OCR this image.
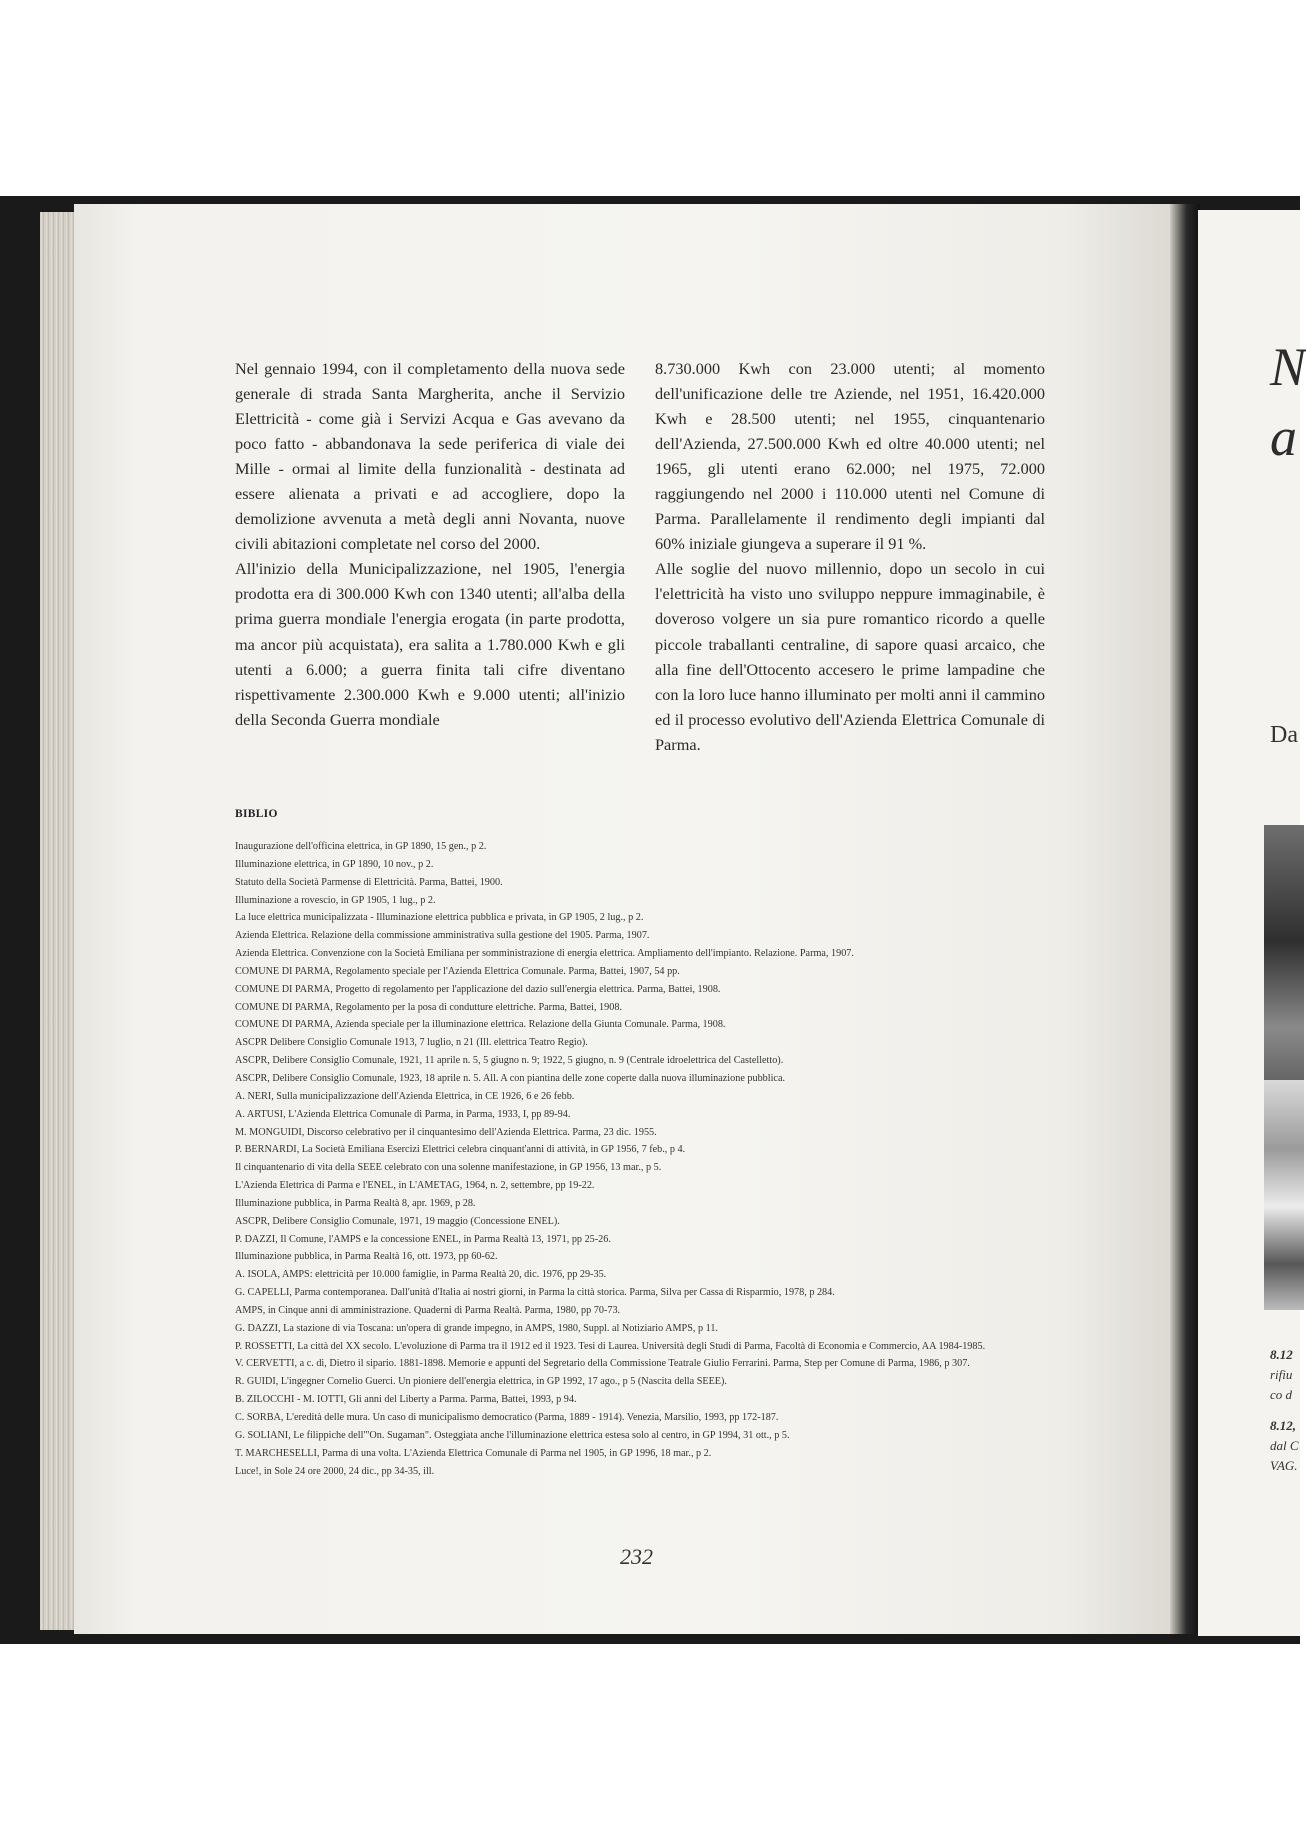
N
a
Da
8.12
rifiu
co d
8.12,
dal C
VAG.

Nel gennaio 1994, con il completamento della nuova sede generale di strada Santa Margherita, anche il Servizio Elettricità - come già i Servizi Acqua e Gas avevano da poco fatto - abbandonava la sede periferica di viale dei Mille - ormai al limite della funzionalità - destinata ad essere alienata a privati e ad accogliere, dopo la demolizione avvenuta a metà degli anni Novanta, nuove civili abitazioni completate nel corso del 2000.

All'inizio della Municipalizzazione, nel 1905, l'energia prodotta era di 300.000 Kwh con 1340 utenti; all'alba della prima guerra mondiale l'energia erogata (in parte prodotta, ma ancor più acquistata), era salita a 1.780.000 Kwh e gli utenti a 6.000; a guerra finita tali cifre diventano rispettivamente 2.300.000 Kwh e 9.000 utenti; all'inizio della Seconda Guerra mondiale

8.730.000 Kwh con 23.000 utenti; al momento dell'unificazione delle tre Aziende, nel 1951, 16.420.000 Kwh e 28.500 utenti; nel 1955, cinquantenario dell'Azienda, 27.500.000 Kwh ed oltre 40.000 utenti; nel 1965, gli utenti erano 62.000; nel 1975, 72.000 raggiungendo nel 2000 i 110.000 utenti nel Comune di Parma. Parallelamente il rendimento degli impianti dal 60% iniziale giungeva a superare il 91 %.

Alle soglie del nuovo millennio, dopo un secolo in cui l'elettricità ha visto uno sviluppo neppure immaginabile, è doveroso volgere un sia pure romantico ricordo a quelle piccole traballanti centraline, di sapore quasi arcaico, che alla fine dell'Ottocento accesero le prime lampadine che con la loro luce hanno illuminato per molti anni il cammino ed il processo evolutivo dell'Azienda Elettrica Comunale di Parma.

BIBLIO
Inaugurazione dell'officina elettrica, in GP 1890, 15 gen., p 2.
Illuminazione elettrica, in GP 1890, 10 nov., p 2.
Statuto della Società Parmense di Elettricità. Parma, Battei, 1900.
Illuminazione a rovescio, in GP 1905, 1 lug., p 2.
La luce elettrica municipalizzata - Illuminazione elettrica pubblica e privata, in GP 1905, 2 lug., p 2.
Azienda Elettrica. Relazione della commissione amministrativa sulla gestione del 1905. Parma, 1907.
Azienda Elettrica. Convenzione con la Società Emiliana per somministrazione di energia elettrica. Ampliamento dell'impianto. Relazione. Parma, 1907.
COMUNE DI PARMA, Regolamento speciale per l'Azienda Elettrica Comunale. Parma, Battei, 1907, 54 pp.
COMUNE DI PARMA, Progetto di regolamento per l'applicazione del dazio sull'energia elettrica. Parma, Battei, 1908.
COMUNE DI PARMA, Regolamento per la posa di condutture elettriche. Parma, Battei, 1908.
COMUNE DI PARMA, Azienda speciale per la illuminazione elettrica. Relazione della Giunta Comunale. Parma, 1908.
ASCPR Delibere Consiglio Comunale 1913, 7 luglio, n 21 (Ill. elettrica Teatro Regio).
ASCPR, Delibere Consiglio Comunale, 1921, 11 aprile n. 5, 5 giugno n. 9; 1922, 5 giugno, n. 9 (Centrale idroelettrica del Castelletto).
ASCPR, Delibere Consiglio Comunale, 1923, 18 aprile n. 5. All. A con piantina delle zone coperte dalla nuova illuminazione pubblica.
A. NERI, Sulla municipalizzazione dell'Azienda Elettrica, in CE 1926, 6 e 26 febb.
A. ARTUSI, L'Azienda Elettrica Comunale di Parma, in Parma, 1933, I, pp 89-94.
M. MONGUIDI, Discorso celebrativo per il cinquantesimo dell'Azienda Elettrica. Parma, 23 dic. 1955.
P. BERNARDI, La Società Emiliana Esercizi Elettrici celebra cinquant'anni di attività, in GP 1956, 7 feb., p 4.
Il cinquantenario di vita della SEEE celebrato con una solenne manifestazione, in GP 1956, 13 mar., p 5.
L'Azienda Elettrica di Parma e l'ENEL, in L'AMETAG, 1964, n. 2, settembre, pp 19-22.
Illuminazione pubblica, in Parma Realtà 8, apr. 1969, p 28.
ASCPR, Delibere Consiglio Comunale, 1971, 19 maggio (Concessione ENEL).
P. DAZZI, Il Comune, l'AMPS e la concessione ENEL, in Parma Realtà 13, 1971, pp 25-26.
Illuminazione pubblica, in Parma Realtà 16, ott. 1973, pp 60-62.
A. ISOLA, AMPS: elettricità per 10.000 famiglie, in Parma Realtà 20, dic. 1976, pp 29-35.
G. CAPELLI, Parma contemporanea. Dall'unità d'Italia ai nostri giorni, in Parma la città storica. Parma, Silva per Cassa di Risparmio, 1978, p 284.
AMPS, in Cinque anni di amministrazione. Quaderni di Parma Realtà. Parma, 1980, pp 70-73.
G. DAZZI, La stazione di via Toscana: un'opera di grande impegno, in AMPS, 1980, Suppl. al Notiziario AMPS, p 11.
P. ROSSETTI, La città del XX secolo. L'evoluzione di Parma tra il 1912 ed il 1923. Tesi di Laurea. Università degli Studi di Parma, Facoltà di Economia e Commercio, AA 1984-1985.
V. CERVETTI, a c. di, Dietro il sipario. 1881-1898. Memorie e appunti del Segretario della Commissione Teatrale Giulio Ferrarini. Parma, Step per Comune di Parma, 1986, p 307.
R. GUIDI, L'ingegner Cornelio Guerci. Un pioniere dell'energia elettrica, in GP 1992, 17 ago., p 5 (Nascita della SEEE).
B. ZILOCCHI - M. IOTTI, Gli anni del Liberty a Parma. Parma, Battei, 1993, p 94.
C. SORBA, L'eredità delle mura. Un caso di municipalismo democratico (Parma, 1889 - 1914). Venezia, Marsilio, 1993, pp 172-187.
G. SOLIANI, Le filippiche dell'"On. Sugaman". Osteggiata anche l'illuminazione elettrica estesa solo al centro, in GP 1994, 31 ott., p 5.
T. MARCHESELLI, Parma di una volta. L'Azienda Elettrica Comunale di Parma nel 1905, in GP 1996, 18 mar., p 2.
Luce!, in Sole 24 ore 2000, 24 dic., pp 34-35, ill.
232
